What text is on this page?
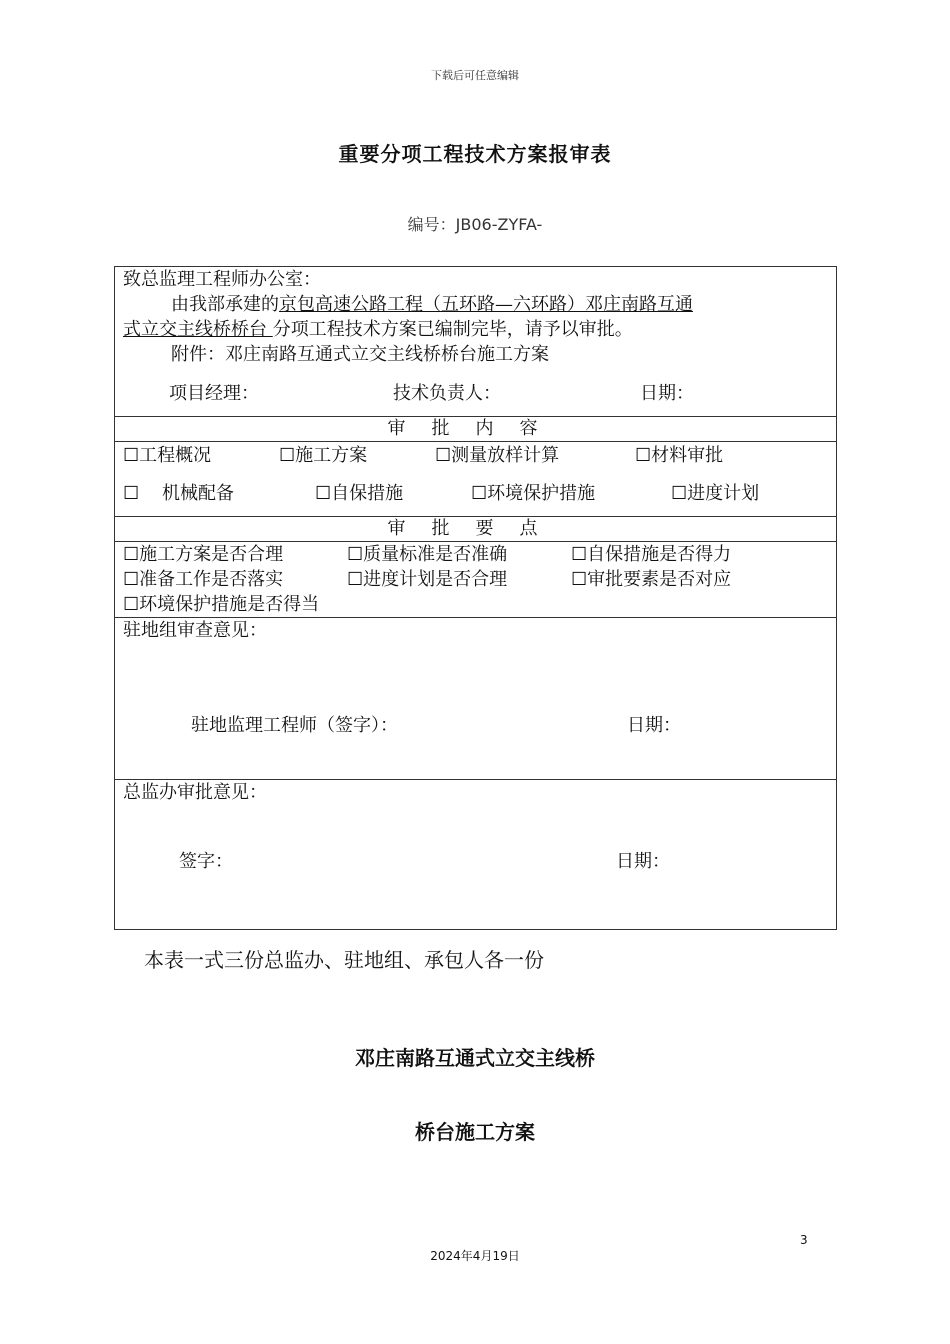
下载后可任意编辑
重要分项工程技术方案报审表
编号：JB06-ZYFA-
致总监理工程师办公室：
由我部承建的京包高速公路工程（五环路—六环路）邓庄南路互通
式立交主线桥桥台 分项工程技术方案已编制完毕，请予以审批。
附件：邓庄南路互通式立交主线桥桥台施工方案
项目经理：	技术负责人：	日期：

审批内容

☐工程概况	☐施工方案	☐测量放样计算	☐材料审批
☐    机械配备	☐自保措施	☐环境保护措施	☐进度计划

审批要点

☐施工方案是否合理	☐质量标准是否准确	☐自保措施是否得力
☐准备工作是否落实	☐进度计划是否合理	☐审批要素是否对应
☐环境保护措施是否得当

驻地组审查意见：
驻地监理工程师（签字）：	日期：

总监办审批意见：
签字：	日期：
本表一式三份总监办、驻地组、承包人各一份
邓庄南路互通式立交主线桥
桥台施工方案
3
2024年4月19日
